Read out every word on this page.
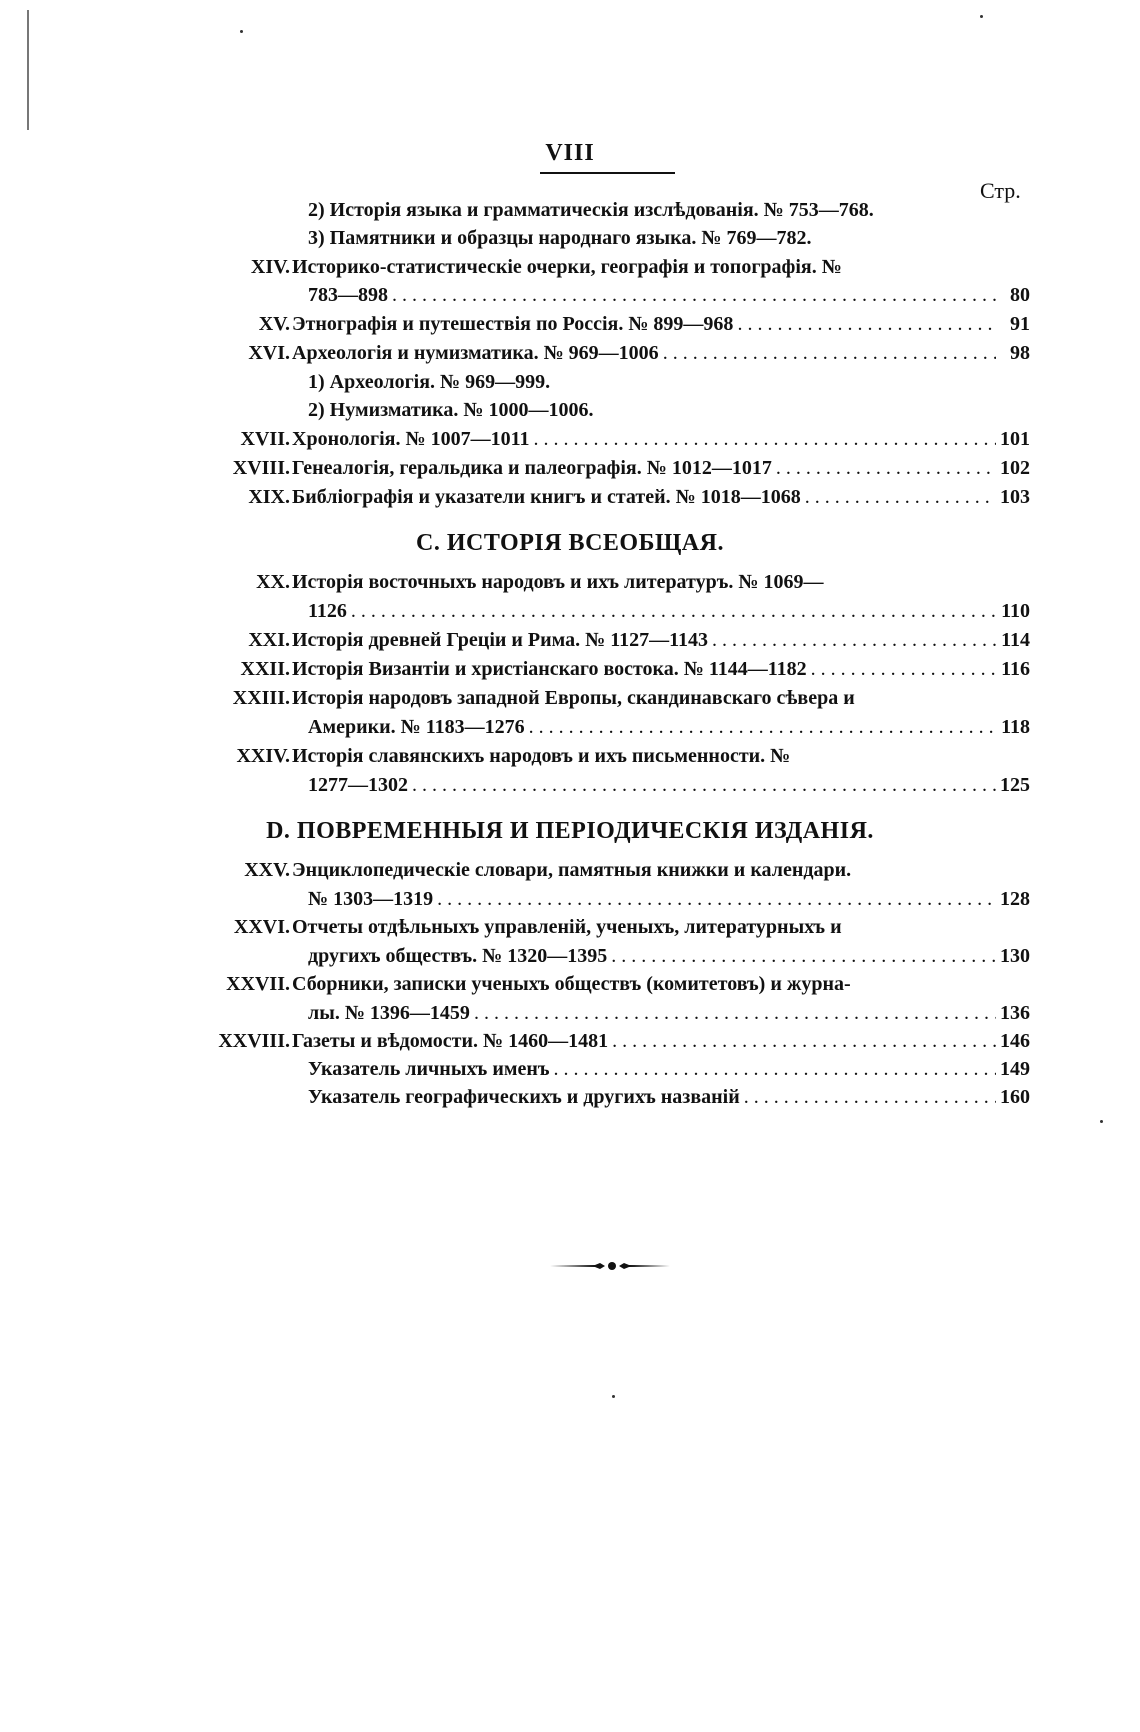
VIII
Стр.
2) Исторія языка и грамматическія изслѣдованія. № 753—768.
3) Памятники и образцы народнаго языка. № 769—782.
XIV. Историко-статистическіе очерки, географія и топографія. №
783—898 . . .	80
XV. Этнографія и путешествія по Россія. № 899—968 . . .	91
XVI. Археологія и нумизматика. № 969—1006 . . .	98
1) Археологія. № 969—999.
2) Нумизматика. № 1000—1006.
XVII. Хронологія. № 1007—1011 . . .	101
XVIII. Генеалогія, геральдика и палеографія. № 1012—1017 . . .	102
XIX. Библіографія и указатели книгъ и статей. № 1018—1068 . . .	103
С. ИСТОРІЯ ВСЕОБЩАЯ.
XX. Исторія восточныхъ народовъ и ихъ литературъ. № 1069—
1126 . . .	110
XXI. Исторія древней Греціи и Рима. № 1127—1143 . . .	114
XXII. Исторія Византіи и христіанскаго востока. № 1144—1182 . . .	116
XXIII. Исторія народовъ западной Европы, скандинавскаго сѣвера и
Америки. № 1183—1276 . . .	118
XXIV. Исторія славянскихъ народовъ и ихъ письменности. №
1277—1302 . . .	125
D. ПОВРЕМЕННЫЯ И ПЕРІОДИЧЕСКІЯ ИЗДАНІЯ.
XXV. Энциклопедическіе словари, памятныя книжки и календари.
№ 1303—1319 . . .	128
XXVI. Отчеты отдѣльныхъ управленій, ученыхъ, литературныхъ и
другихъ обществъ. № 1320—1395 . . .	130
XXVII. Сборники, записки ученыхъ обществъ (комитетовъ) и журна-
лы. № 1396—1459 . . .	136
XXVIII. Газеты и вѣдомости. № 1460—1481 . . .	146
Указатель личныхъ именъ . . .	149
Указатель географическихъ и другихъ названій . . .	160
